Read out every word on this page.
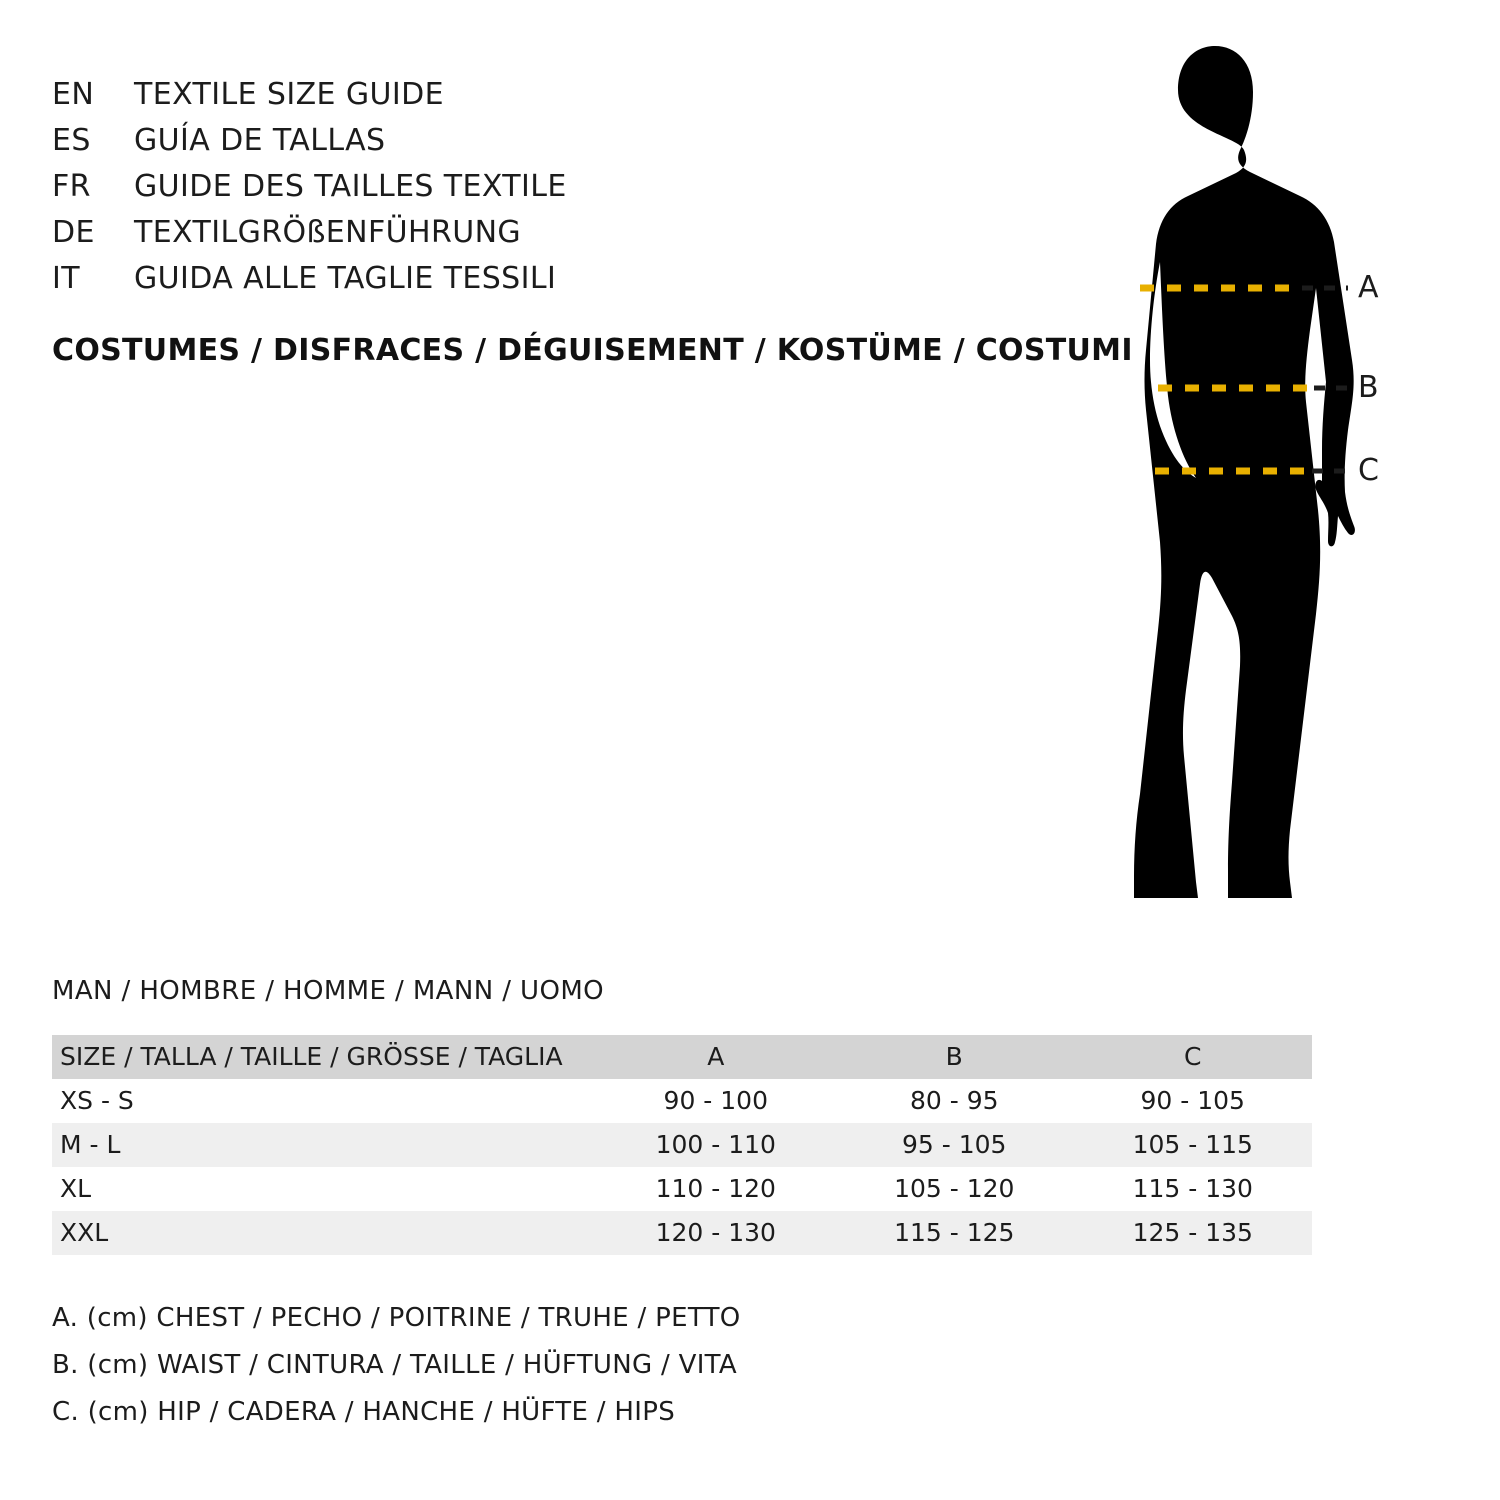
EN	TEXTILE SIZE GUIDE
ES	GUÍA DE TALLAS
FR	GUIDE DES TAILLES TEXTILE
DE	TEXTILGRÖßENFÜHRUNG
IT	GUIDA ALLE TAGLIE TESSILI
COSTUMES / DISFRACES / DÉGUISEMENT / KOSTÜME / COSTUMI
A
B
C
MAN / HOMBRE / HOMME / MANN / UOMO
SIZE / TALLA / TAILLE / GRÖSSE / TAGLIA	A	B	C
XS - S	90 - 100	80 - 95	90 - 105
M - L	100 - 110	95 - 105	105 - 115
XL	110 - 120	105 - 120	115 - 130
XXL	120 - 130	115 - 125	125 - 135
A. (cm) CHEST / PECHO / POITRINE / TRUHE / PETTO
B. (cm) WAIST / CINTURA / TAILLE / HÜFTUNG / VITA
C. (cm) HIP / CADERA / HANCHE / HÜFTE / HIPS
